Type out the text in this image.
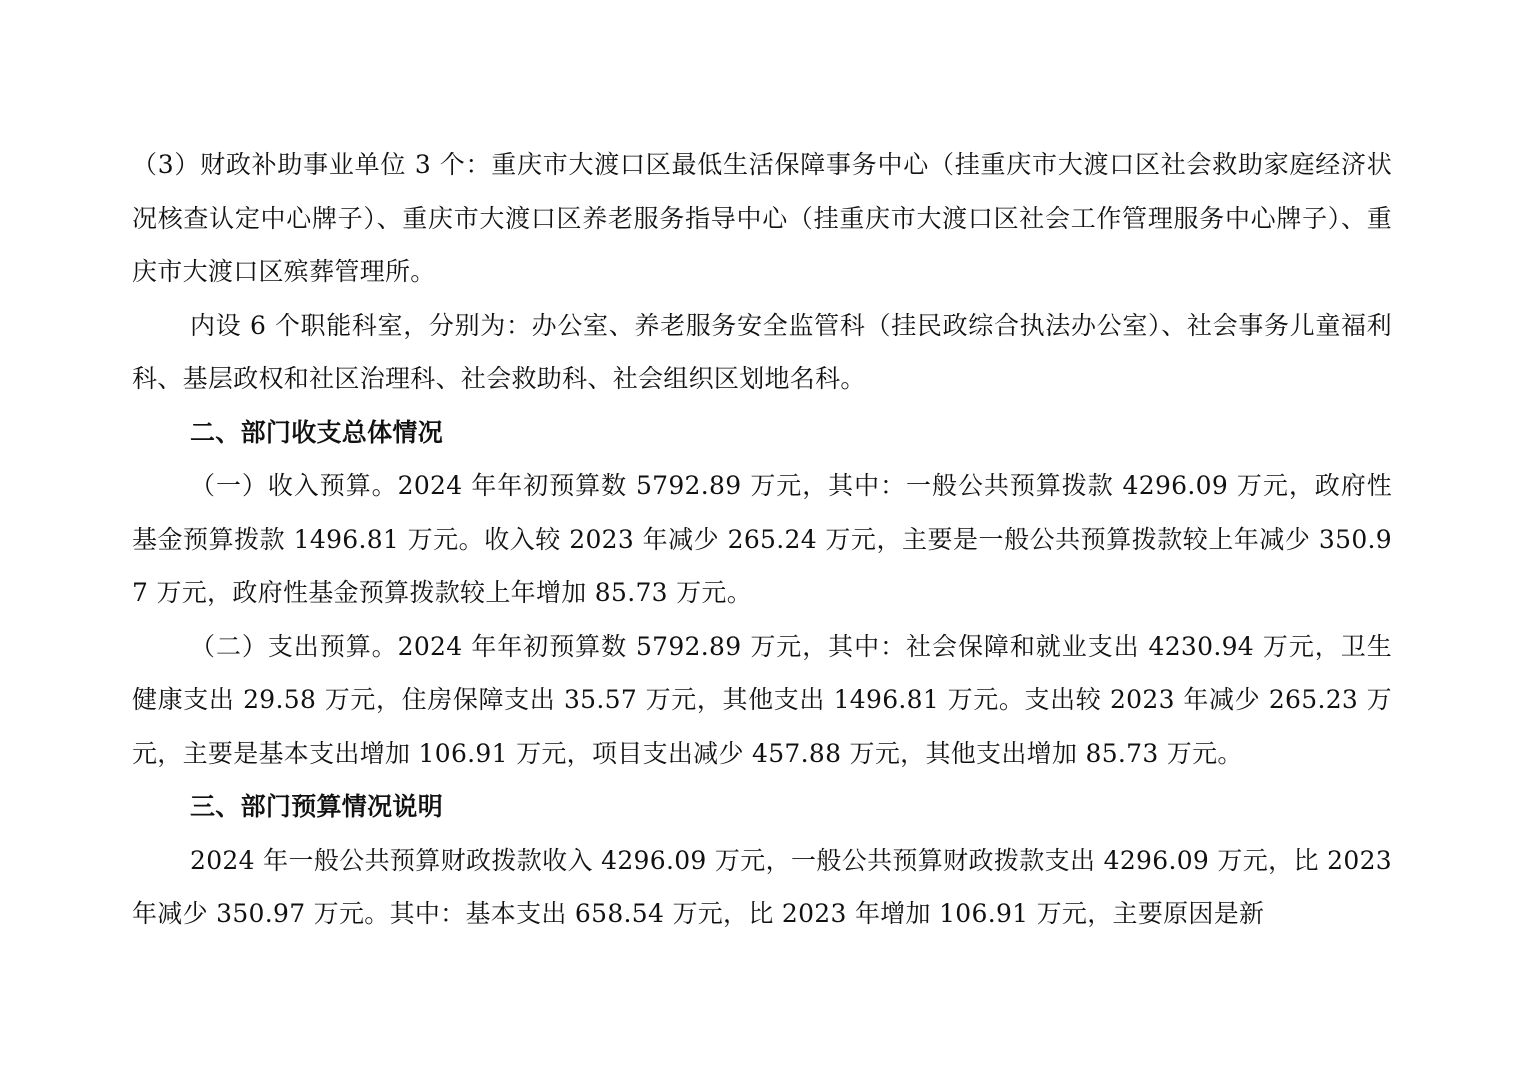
（3）财政补助事业单位 3 个：重庆市大渡口区最低生活保障事务中心（挂重庆市大渡口区社会救助家庭经济状况核查认定中心牌子）、重庆市大渡口区养老服务指导中心（挂重庆市大渡口区社会工作管理服务中心牌子）、重庆市大渡口区殡葬管理所。

内设 6 个职能科室，分别为：办公室、养老服务安全监管科（挂民政综合执法办公室）、社会事务儿童福利科、基层政权和社区治理科、社会救助科、社会组织区划地名科。

二、部门收支总体情况

（一）收入预算。2024 年年初预算数 5792.89 万元，其中：一般公共预算拨款 4296.09 万元，政府性基金预算拨款 1496.81 万元。收入较 2023 年减少 265.24 万元，主要是一般公共预算拨款较上年减少 350.97 万元，政府性基金预算拨款较上年增加 85.73 万元。

（二）支出预算。2024 年年初预算数 5792.89 万元，其中：社会保障和就业支出 4230.94 万元，卫生健康支出 29.58 万元，住房保障支出 35.57 万元，其他支出 1496.81 万元。支出较 2023 年减少 265.23 万元，主要是基本支出增加 106.91 万元，项目支出减少 457.88 万元，其他支出增加 85.73 万元。

三、部门预算情况说明

2024 年一般公共预算财政拨款收入 4296.09 万元，一般公共预算财政拨款支出 4296.09 万元，比 2023 年减少 350.97 万元。其中：基本支出 658.54 万元，比 2023 年增加 106.91 万元，主要原因是新
